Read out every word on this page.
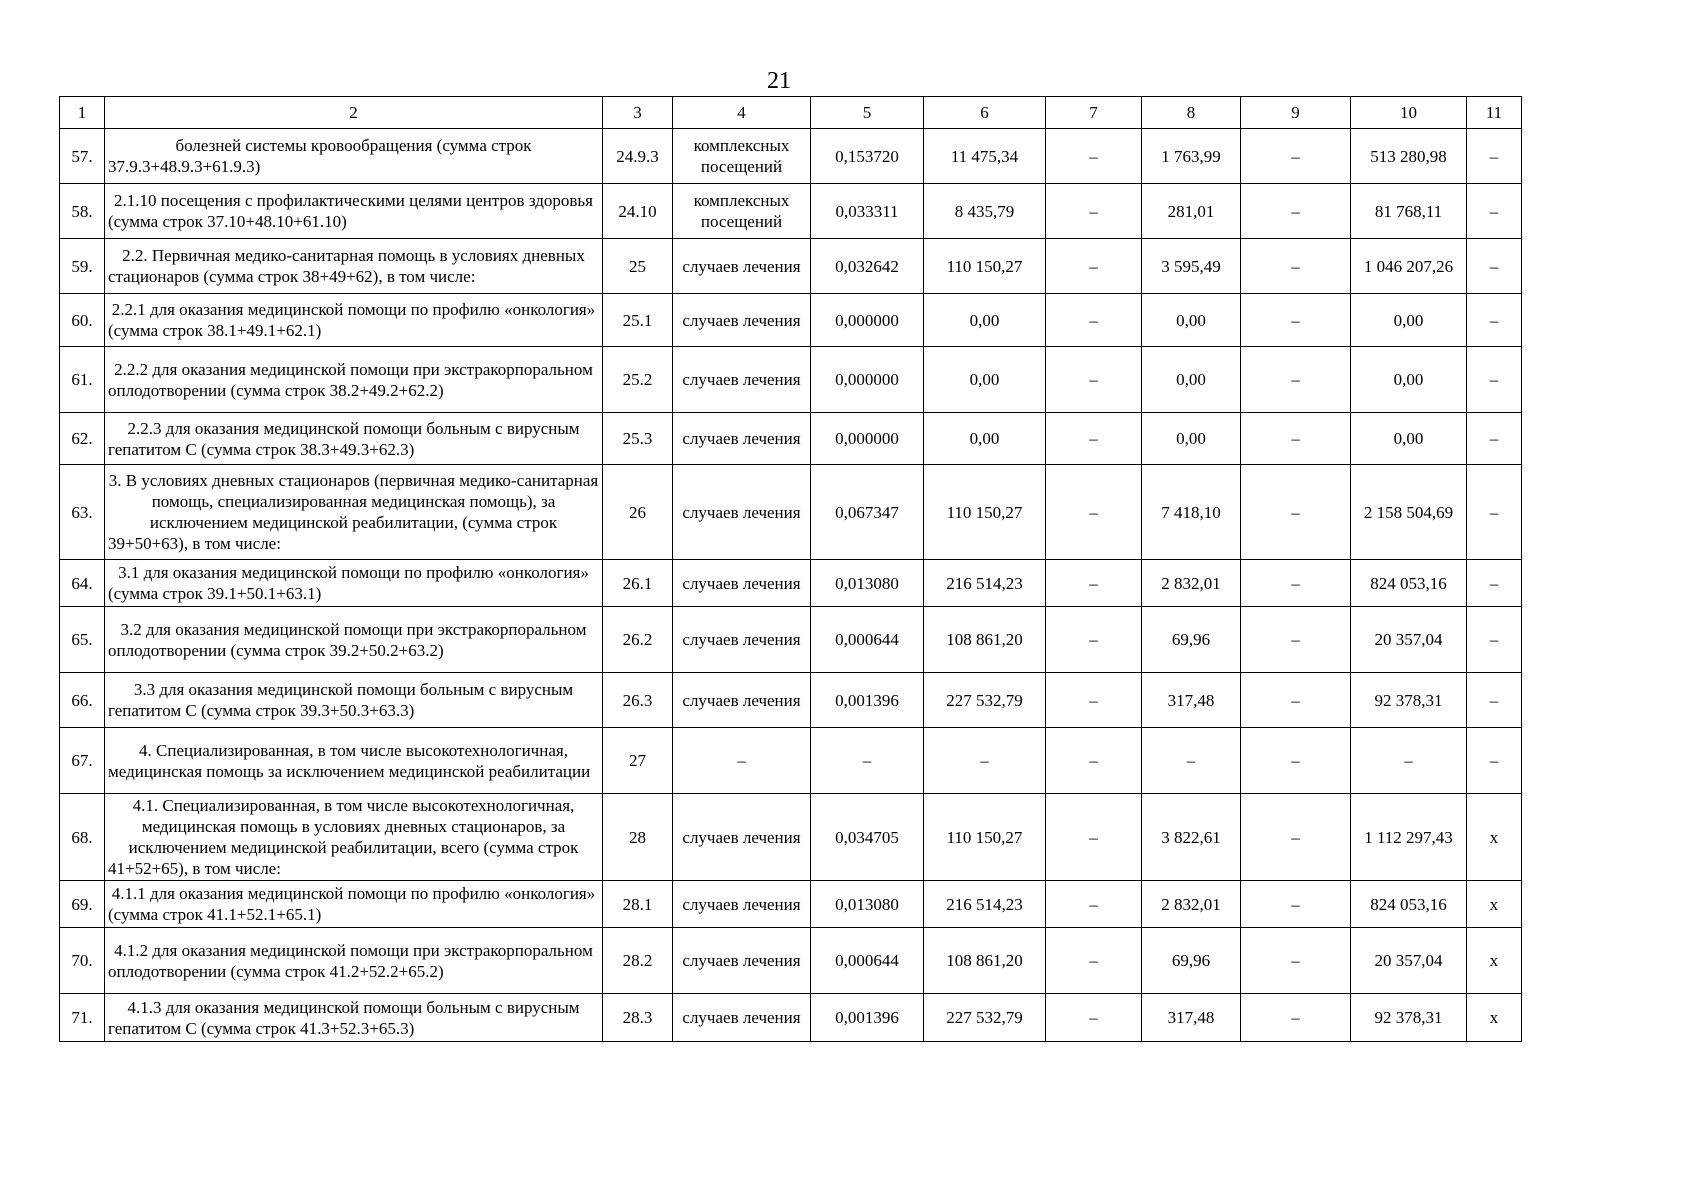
21
1	2	3	4	5	6	7	8	9	10	11
57.	болезней системы кровообращения (сумма строк 37.9.3+48.9.3+61.9.3)	24.9.3	комплексных посещений	0,153720	11 475,34	–	1 763,99	–	513 280,98	–
58.	2.1.10 посещения с профилактическими целями центров здоровья (сумма строк 37.10+48.10+61.10)	24.10	комплексных посещений	0,033311	8 435,79	–	281,01	–	81 768,11	–
59.	2.2. Первичная медико-санитарная помощь в условиях дневных стационаров (сумма строк 38+49+62), в том числе:	25	случаев лечения	0,032642	110 150,27	–	3 595,49	–	1 046 207,26	–
60.	2.2.1 для оказания медицинской помощи по профилю «онкология» (сумма строк 38.1+49.1+62.1)	25.1	случаев лечения	0,000000	0,00	–	0,00	–	0,00	–
61.	2.2.2 для оказания медицинской помощи при экстракорпоральном оплодотворении (сумма строк 38.2+49.2+62.2)	25.2	случаев лечения	0,000000	0,00	–	0,00	–	0,00	–
62.	2.2.3 для оказания медицинской помощи больным с вирусным гепатитом С (сумма строк 38.3+49.3+62.3)	25.3	случаев лечения	0,000000	0,00	–	0,00	–	0,00	–
63.	3. В условиях дневных стационаров (первичная медико-санитарная помощь, специализированная медицинская помощь), за исключением медицинской реабилитации, (сумма строк 39+50+63), в том числе:	26	случаев лечения	0,067347	110 150,27	–	7 418,10	–	2 158 504,69	–
64.	3.1 для оказания медицинской помощи по профилю «онкология» (сумма строк 39.1+50.1+63.1)	26.1	случаев лечения	0,013080	216 514,23	–	2 832,01	–	824 053,16	–
65.	3.2 для оказания медицинской помощи при экстракорпоральном оплодотворении (сумма строк 39.2+50.2+63.2)	26.2	случаев лечения	0,000644	108 861,20	–	69,96	–	20 357,04	–
66.	3.3 для оказания медицинской помощи больным с вирусным гепатитом С (сумма строк 39.3+50.3+63.3)	26.3	случаев лечения	0,001396	227 532,79	–	317,48	–	92 378,31	–
67.	4. Специализированная, в том числе высокотехнологичная, медицинская помощь за исключением медицинской реабилитации	27	–	–	–	–	–	–	–	–
68.	4.1. Специализированная, в том числе высокотехнологичная, медицинская помощь в условиях дневных стационаров, за исключением медицинской реабилитации, всего (сумма строк 41+52+65), в том числе:	28	случаев лечения	0,034705	110 150,27	–	3 822,61	–	1 112 297,43	х
69.	4.1.1 для оказания медицинской помощи по профилю «онкология» (сумма строк 41.1+52.1+65.1)	28.1	случаев лечения	0,013080	216 514,23	–	2 832,01	–	824 053,16	х
70.	4.1.2 для оказания медицинской помощи при экстракорпоральном оплодотворении (сумма строк 41.2+52.2+65.2)	28.2	случаев лечения	0,000644	108 861,20	–	69,96	–	20 357,04	х
71.	4.1.3 для оказания медицинской помощи больным с вирусным гепатитом С (сумма строк 41.3+52.3+65.3)	28.3	случаев лечения	0,001396	227 532,79	–	317,48	–	92 378,31	х
